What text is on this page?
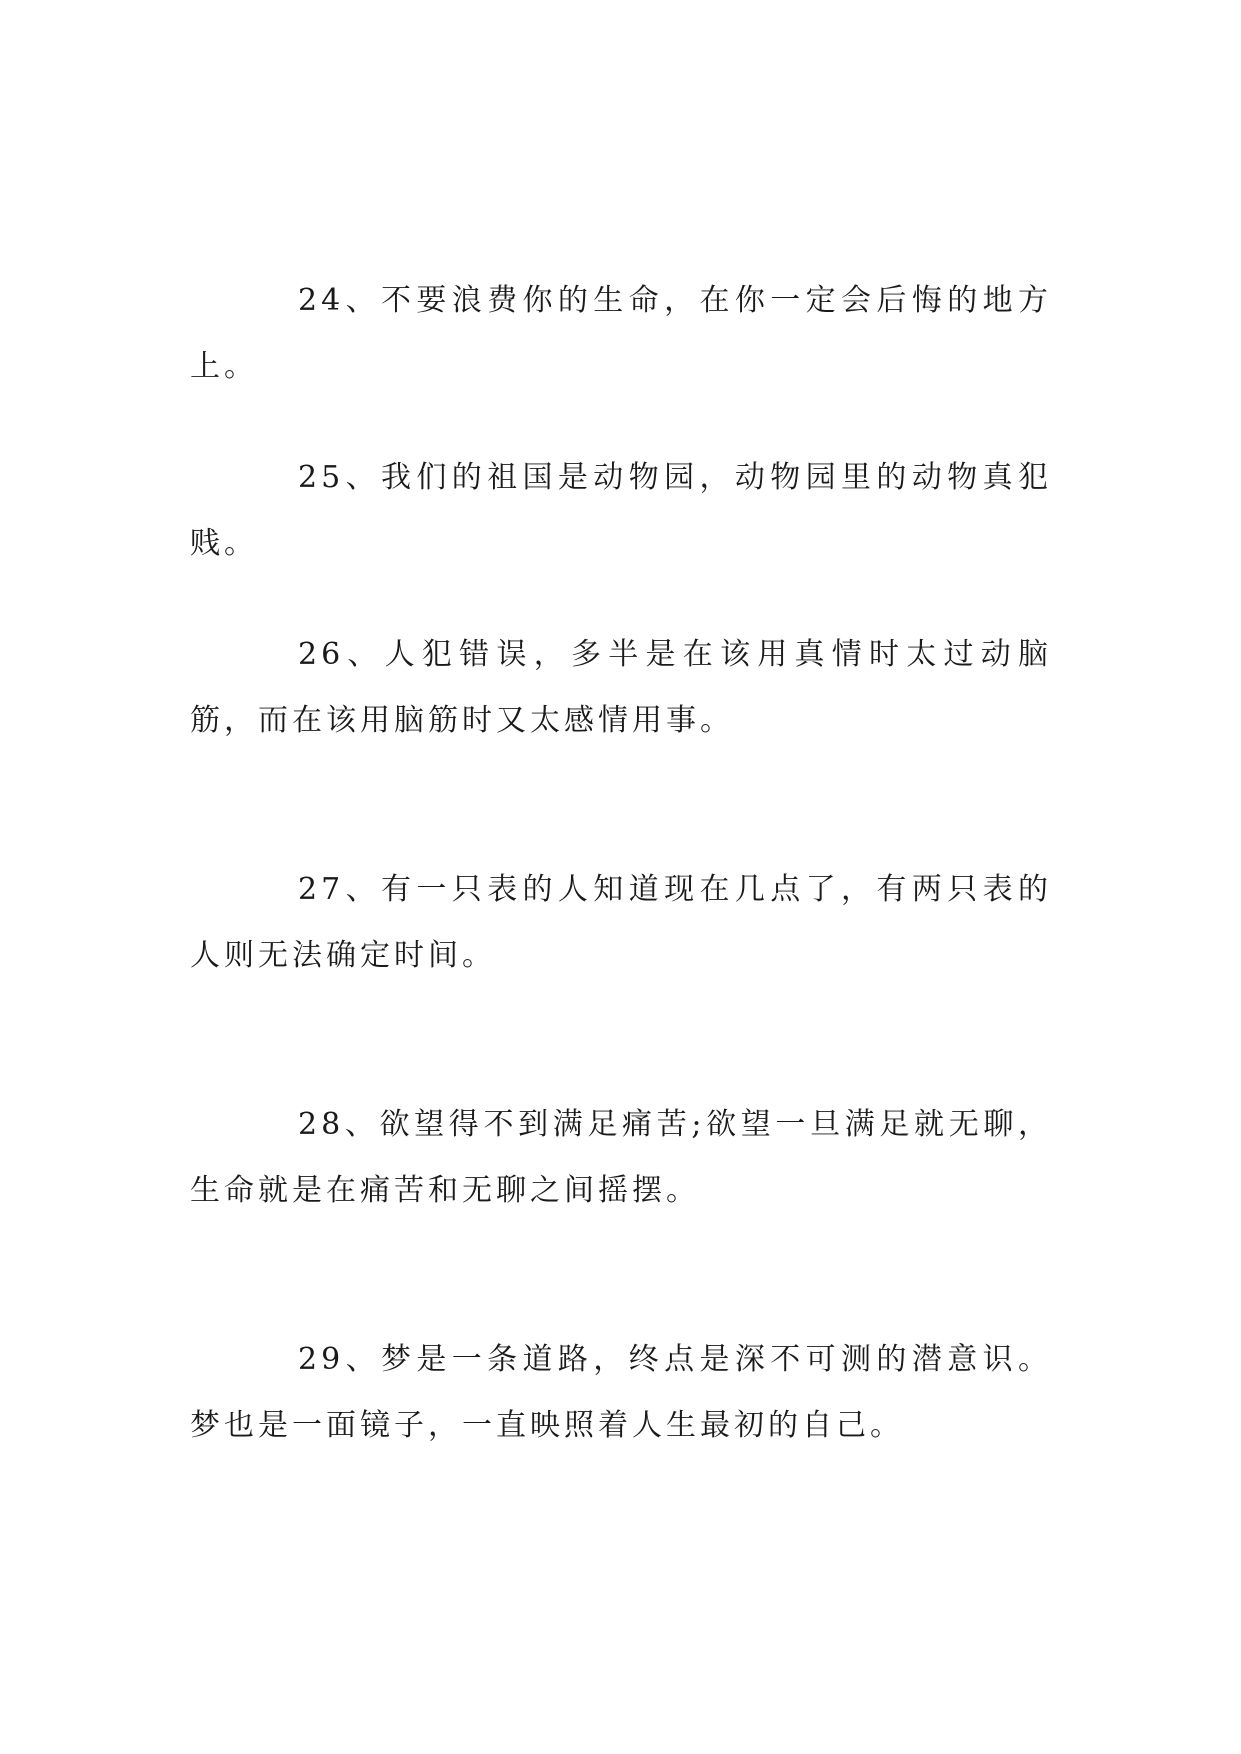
24、不要浪费你的生命，在你一定会后悔的地方上。

25、我们的祖国是动物园，动物园里的动物真犯贱。

26、人犯错误，多半是在该用真情时太过动脑筋，而在该用脑筋时又太感情用事。

27、有一只表的人知道现在几点了，有两只表的人则无法确定时间。

28、欲望得不到满足痛苦;欲望一旦满足就无聊，生命就是在痛苦和无聊之间摇摆。

29、梦是一条道路，终点是深不可测的潜意识。梦也是一面镜子，一直映照着人生最初的自己。
